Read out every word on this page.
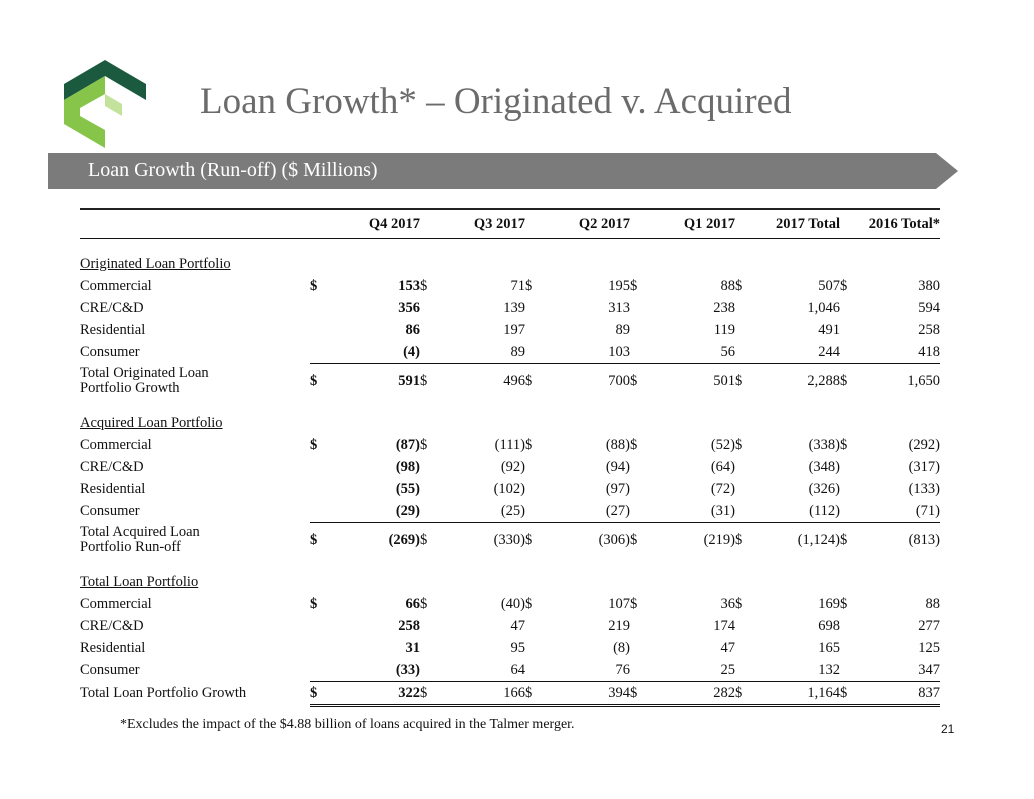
Loan Growth* – Originated v. Acquired
Loan Growth (Run-off) ($ Millions)
	Q4 2017		Q3 2017		Q2 2017		Q1 2017		2017 Total		2016 Total*	

Originated Loan Portfolio												
Commercial	$	153	$	71	$	195	$	88	$	507	$	380
CRE/C&D		356		139		313		238		1,046		594
Residential		86		197		89		119		491		258
Consumer		(4)		89		103		56		244		418

Total Originated Loan
Portfolio Growth	$	591	$	496	$	700	$	501	$	2,288	$	1,650

Acquired Loan Portfolio												
Commercial	$	(87)	$	(111)	$	(88)	$	(52)	$	(338)	$	(292)
CRE/C&D		(98)		(92)		(94)		(64)		(348)		(317)
Residential		(55)		(102)		(97)		(72)		(326)		(133)
Consumer		(29)		(25)		(27)		(31)		(112)		(71)

Total Acquired Loan
Portfolio Run-off	$	(269)	$	(330)	$	(306)	$	(219)	$	(1,124)	$	(813)

Total Loan Portfolio												
Commercial	$	66	$	(40)	$	107	$	36	$	169	$	88
CRE/C&D		258		47		219		174		698		277
Residential		31		95		(8)		47		165		125
Consumer		(33)		64		76		25		132		347
Total Loan Portfolio Growth	$	322	$	166	$	394	$	282	$	1,164	$	837
*Excludes the impact of the $4.88 billion of loans acquired in the Talmer merger.	21
